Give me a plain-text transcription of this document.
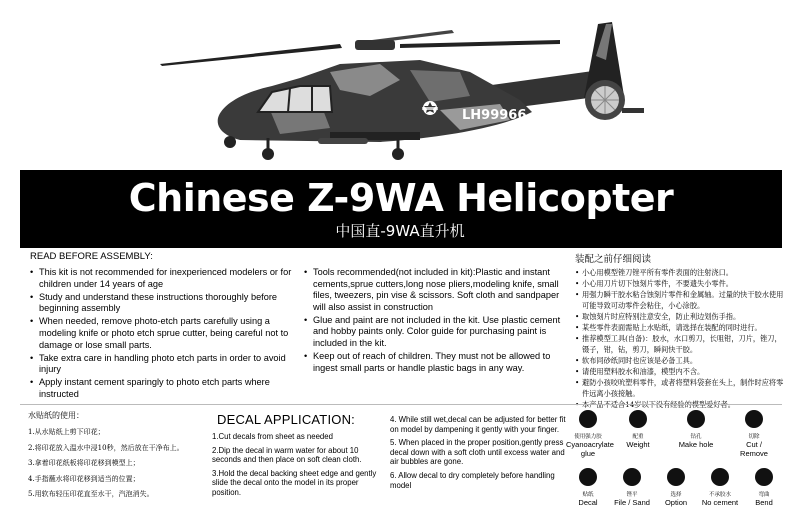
LH99966
Chinese Z-9WA Helicopter
中国直-9WA直升机
READ BEFORE ASSEMBLY:
• This kit is not recommended for inexperienced modelers or for children under 14 years of age
• Study and understand these instructions thoroughly before beginning assembly
• When needed, remove photo-etch parts carefully using a modeling knife or photo etch sprue cutter, being careful not to damage or lose small parts.
• Take extra care in handling photo etch parts in order to avoid injury
• Apply instant cement sparingly to photo etch parts where instructed
• Tools recommended(not included in kit):Plastic and instant cements,sprue cutters,long nose pliers,modeling knife, small files, tweezers, pin vise & scissors. Soft cloth and sandpaper will also assist in construction
• Glue and paint are not included in the kit. Use plastic cement and hobby paints only. Color guide for purchasing paint is included in the kit.
• Keep out of reach of children. They must not be allowed to ingest small parts or handle plastic bags in any way.
装配之前仔细阅读
• 小心用模型锉刀锉平所有零件表面的注射浇口。
• 小心用刀片切下蚀刻片零件，不要遗失小零件。
• 用强力瞬干胶水粘合蚀刻片零件和金属轴。过量的快干胶水使用可能导致可动零件会粘住，小心涂胶。
• 取蚀刻片时应特别注意安全，防止利边划伤手指。
• 某些零件表面需贴上水贴纸，请选择在装配的同时进行。
• 推荐模型工具(自备)：胶水，水口剪刀，长咀钳，刀片，锉刀，镊子，钳，钻，剪刀，瞬间快干胶。
• 软布同砂纸同时也应该是必备工具。
• 请使用塑料胶水和油漆，模型内不含。
• 避防小孩咬吮塑料零件，或者将塑料袋套在头上，制作时应将零件远离小孩接触。
•
水贴纸的使用：
1.从水贴纸上剪下印花；
2.将印花放入温水中浸10秒，然后放在干净布上。
3.拿着印花纸板将印花移到模型上；
4.手指蘸水将印花移到适当的位置；
5.用软布轻压印花直至水干，汽泡消失。
DECAL APPLICATION:

1.Cut decals from sheet as needed

2.Dip the decal in warm water for about 10 seconds and then place on soft clean cloth.

3.Hold the decal backing sheet edge and gently slide the decal onto the model in its proper position.

4. While still wet,decal can be adjusted for better fit on model by dampening it gently with your finger.

5. When placed in the proper position,gently press decal down with a soft cloth until excess water and air bubbles are gone.

6. Allow decal to dry completely before handling model

使用强力胶
Cyanoacrylate glue
配重
Weight
钻孔
Make hole
切除
Cut / Remove
贴纸
Decal
锉平
File / Sand
选择
Option
不承胶水
No cement
弯曲
Bend
